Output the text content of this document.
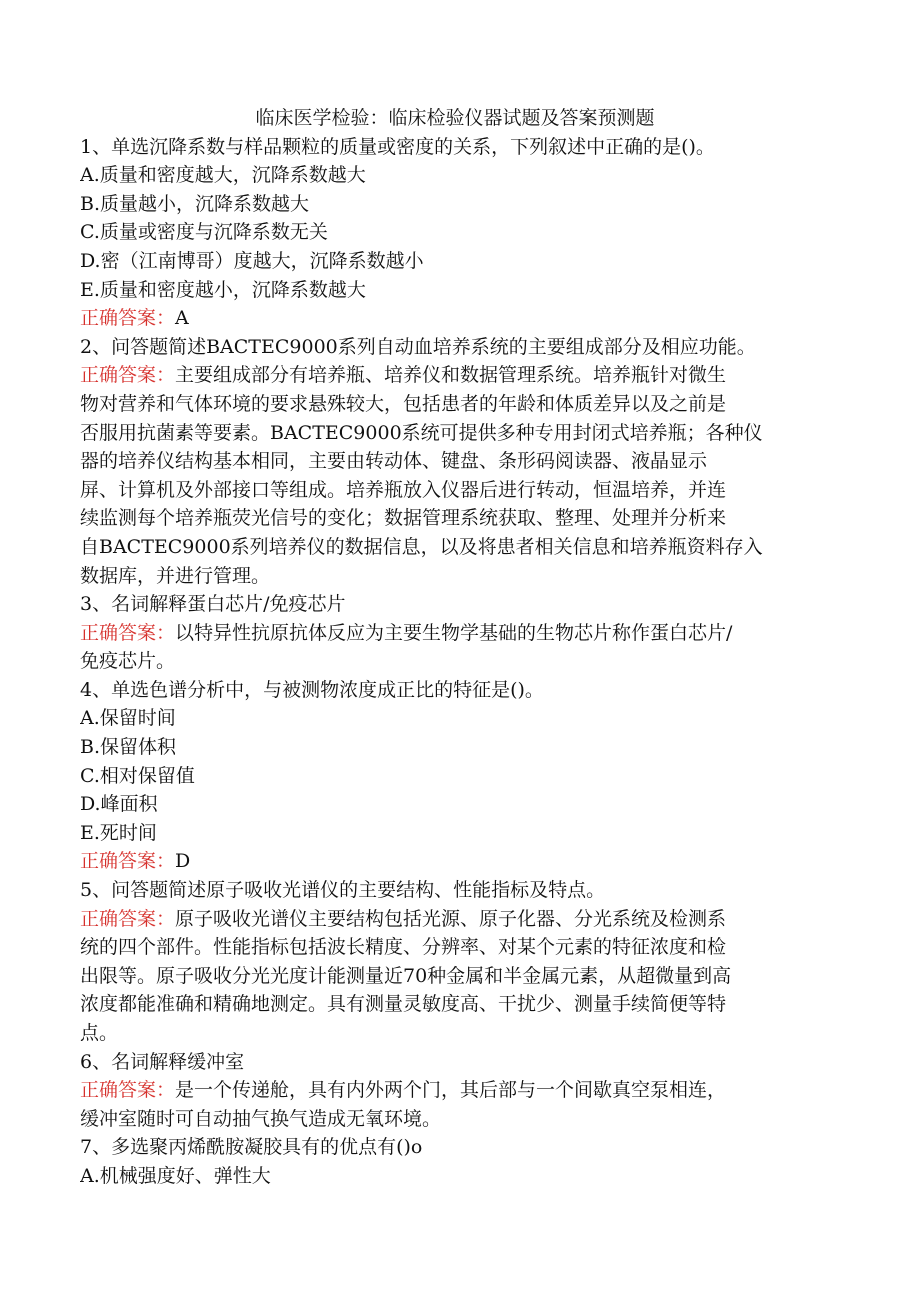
临床医学检验：临床检验仪器试题及答案预测题

1、单选沉降系数与样品颗粒的质量或密度的关系，下列叙述中正确的是()。

A.质量和密度越大，沉降系数越大

B.质量越小，沉降系数越大

C.质量或密度与沉降系数无关

D.密（江南博哥）度越大，沉降系数越小

E.质量和密度越小，沉降系数越大

正确答案：A

2、问答题简述BACTEC9000系列自动血培养系统的主要组成部分及相应功能。

正确答案：主要组成部分有培养瓶、培养仪和数据管理系统。培养瓶针对微生

物对营养和气体环境的要求悬殊较大，包括患者的年龄和体质差异以及之前是

否服用抗菌素等要素。BACTEC9000系统可提供多种专用封闭式培养瓶；各种仪

器的培养仪结构基本相同，主要由转动体、键盘、条形码阅读器、液晶显示

屏、计算机及外部接口等组成。培养瓶放入仪器后进行转动，恒温培养，并连

续监测每个培养瓶荧光信号的变化；数据管理系统获取、整理、处理并分析来

自BACTEC9000系列培养仪的数据信息，以及将患者相关信息和培养瓶资料存入

数据库，并进行管理。

3、名词解释蛋白芯片/免疫芯片

正确答案：以特异性抗原抗体反应为主要生物学基础的生物芯片称作蛋白芯片/

免疫芯片。

4、单选色谱分析中，与被测物浓度成正比的特征是()。

A.保留时间

B.保留体积

C.相对保留值

D.峰面积

E.死时间

正确答案：D

5、问答题简述原子吸收光谱仪的主要结构、性能指标及特点。

正确答案：原子吸收光谱仪主要结构包括光源、原子化器、分光系统及检测系

统的四个部件。性能指标包括波长精度、分辨率、对某个元素的特征浓度和检

出限等。原子吸收分光光度计能测量近70种金属和半金属元素，从超微量到高

浓度都能准确和精确地测定。具有测量灵敏度高、干扰少、测量手续简便等特

点。

6、名词解释缓冲室

正确答案：是一个传递舱，具有内外两个门，其后部与一个间歇真空泵相连，

缓冲室随时可自动抽气换气造成无氧环境。

7、多选聚丙烯酰胺凝胶具有的优点有()o

A.机械强度好、弹性大
